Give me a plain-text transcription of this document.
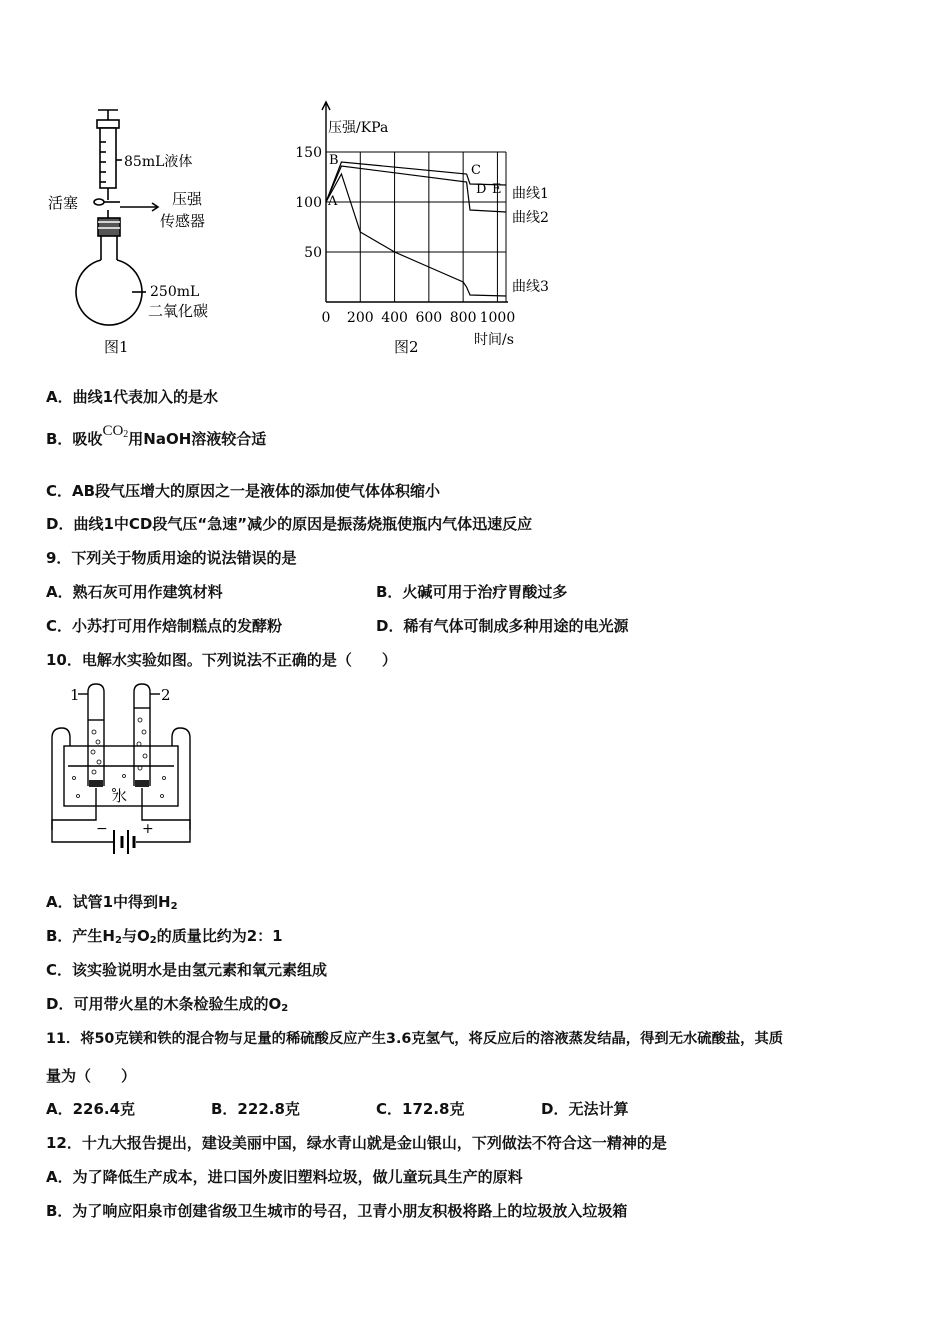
85mL液体
活塞	压强
传感器
250mL
二氧化碳
图1
0 200 400 600 800 1000
50
100
150
压强/KPa
时间/s
图2
B
A
C
D E 曲线1
曲线2
曲线3
A．曲线1代表加入的是水
B．吸收$CO_2$用NaOH溶液较合适
C．AB段气压增大的原因之一是液体的添加使气体体积缩小
D．曲线1中CD段气压“急速”减少的原因是振荡烧瓶使瓶内气体迅速反应
9．下列关于物质用途的说法错误的是
A．熟石灰可用作建筑材料	B．火碱可用于治疗胃酸过多
C．小苏打可用作焙制糕点的发酵粉	D．稀有气体可制成多种用途的电光源
10．电解水实验如图。下列说法不正确的是（　　）
1	2
水
− +
A．试管1中得到$H_2$
B．产生$H_2$与$O_2$的质量比约为2：1
C．该实验说明水是由氢元素和氧元素组成
D．可用带火星的木条检验生成的$O_2$
11．将50克镁和铁的混合物与足量的稀硫酸反应产生3.6克氢气，将反应后的溶液蒸发结晶，得到无水硫酸盐，其质
量为（　　）
A．226.4克	B．222.8克	C．172.8克	D．无法计算
12．十九大报告提出，建设美丽中国，绿水青山就是金山银山，下列做法不符合这一精神的是
A．为了降低生产成本，进口国外废旧塑料垃圾，做儿童玩具生产的原料
B．为了响应阳泉市创建省级卫生城市的号召，卫青小朋友积极将路上的垃圾放入垃圾箱
